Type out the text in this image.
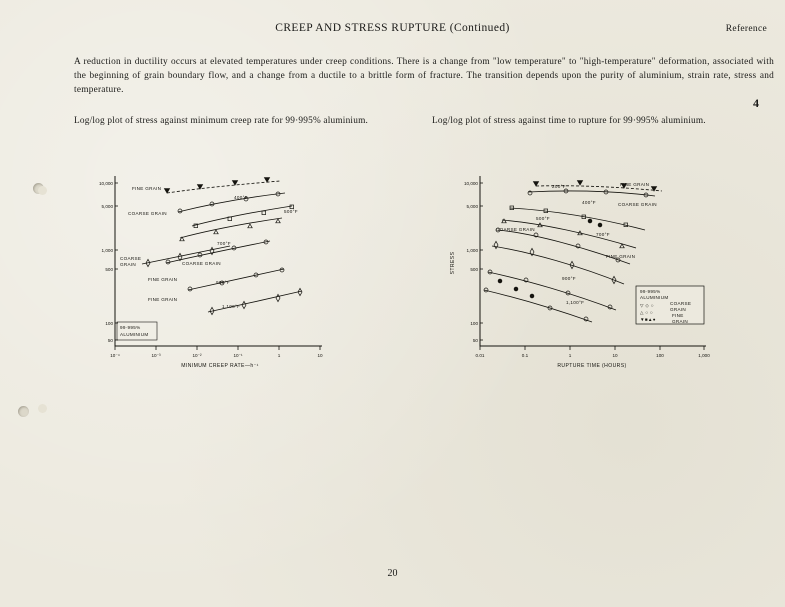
CREEP AND STRESS RUPTURE (Continued)	Reference
4
A reduction in ductility occurs at elevated temperatures under creep conditions. There is a change from "low temperature" to "high-temperature" deformation, associated with the beginning of grain boundary flow, and a change from a ductile to a brittle form of fracture. The transition depends upon the purity of aluminium, strain rate, stress and temperature.
Log/log plot of stress against minimum creep rate for 99·995% aluminium.	Log/log plot of stress against time to rupture for 99·995% aluminium.
10,000
5,000
1,000
500
100
50
10⁻⁴	10⁻³	10⁻²	10⁻¹	1	10
MINIMUM CREEP RATE—h⁻¹
FINE GRAIN
COARSE GRAIN
COARSE
GRAIN
FINE GRAIN
COARSE GRAIN
FINE GRAIN
400°F
500°F
700°F
900°F
1,100°F
99·995%
ALUMINIUM
10,000
5,000
1,000
500
100
50
0.01	0.1	1	10	100	1,000
RUPTURE TIME (HOURS)
STRESS
FINE GRAIN
COARSE GRAIN
COARSE GRAIN
FINE GRAIN
200°F
400°F
500°F
700°F
900°F
1,100°F
99·995%
ALUMINIUM
▽ ◇ ○	COARSE
GRAIN
△ ○ ○
▼■▲●
FINE
GRAIN
20
